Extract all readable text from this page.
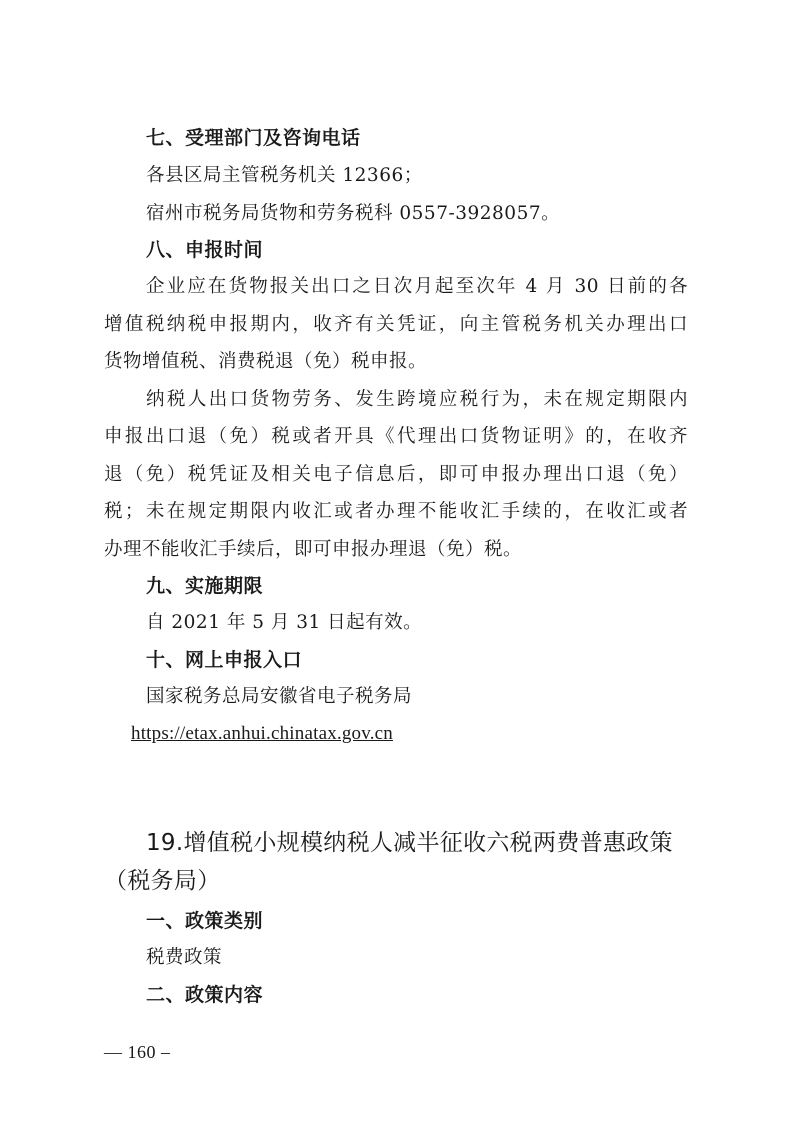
七、受理部门及咨询电话
各县区局主管税务机关 12366；
宿州市税务局货物和劳务税科 0557-3928057。
八、申报时间
企业应在货物报关出口之日次月起至次年 4 月 30 日前的各
增值税纳税申报期内，收齐有关凭证，向主管税务机关办理出口
货物增值税、消费税退（免）税申报。
纳税人出口货物劳务、发生跨境应税行为，未在规定期限内
申报出口退（免）税或者开具《代理出口货物证明》的，在收齐
退（免）税凭证及相关电子信息后，即可申报办理出口退（免）
税；未在规定期限内收汇或者办理不能收汇手续的，在收汇或者
办理不能收汇手续后，即可申报办理退（免）税。
九、实施期限
自 2021 年 5 月 31 日起有效。
十、网上申报入口
国家税务总局安徽省电子税务局
https://etax.anhui.chinatax.gov.cn
19.增值税小规模纳税人减半征收六税两费普惠政策
（税务局）
一、政策类别
税费政策
二、政策内容
— 160 –
